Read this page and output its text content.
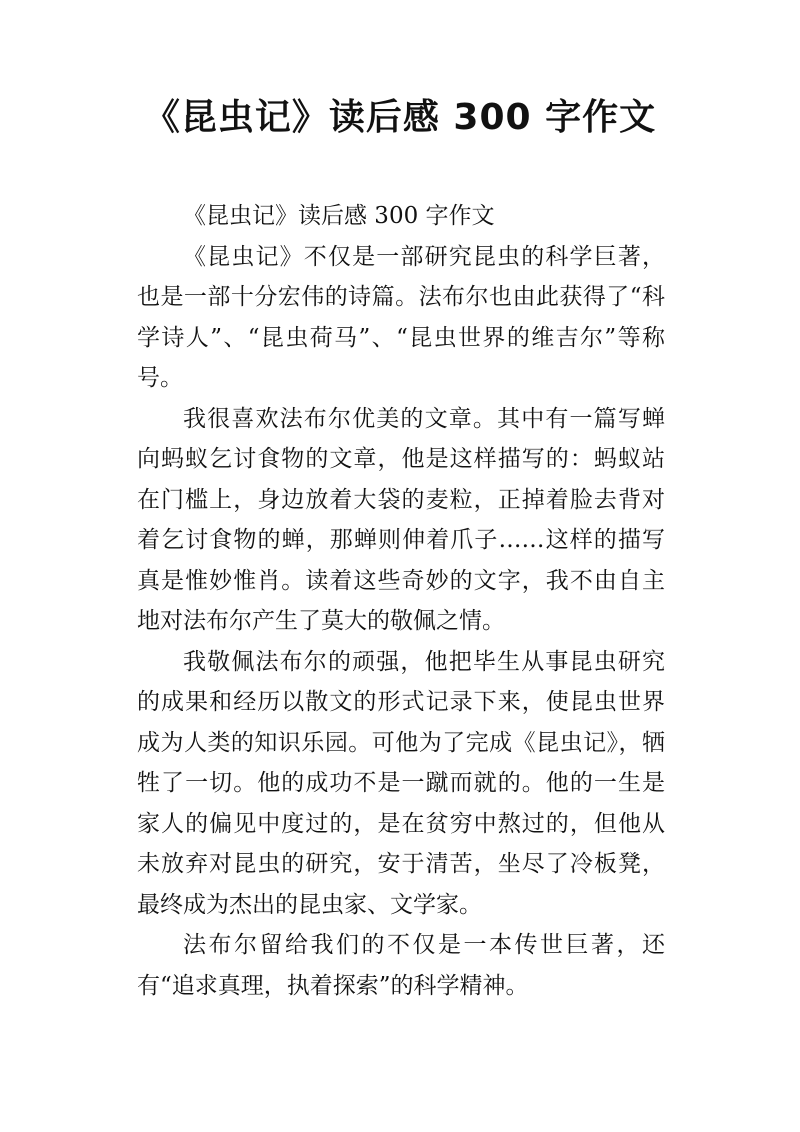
《昆虫记》读后感 300 字作文

《昆虫记》读后感 300 字作文

《昆虫记》不仅是一部研究昆虫的科学巨著，也是一部十分宏伟的诗篇。法布尔也由此获得了“科学诗人”、“昆虫荷马”、“昆虫世界的维吉尔”等称号。

我很喜欢法布尔优美的文章。其中有一篇写蝉向蚂蚁乞讨食物的文章，他是这样描写的：蚂蚁站在门槛上，身边放着大袋的麦粒，正掉着脸去背对着乞讨食物的蝉，那蝉则伸着爪子……这样的描写真是惟妙惟肖。读着这些奇妙的文字，我不由自主地对法布尔产生了莫大的敬佩之情。

我敬佩法布尔的顽强，他把毕生从事昆虫研究的成果和经历以散文的形式记录下来，使昆虫世界成为人类的知识乐园。可他为了完成《昆虫记》，牺牲了一切。他的成功不是一蹴而就的。他的一生是家人的偏见中度过的，是在贫穷中熬过的，但他从未放弃对昆虫的研究，安于清苦，坐尽了冷板凳，最终成为杰出的昆虫家、文学家。

法布尔留给我们的不仅是一本传世巨著，还有“追求真理，执着探索”的科学精神。
